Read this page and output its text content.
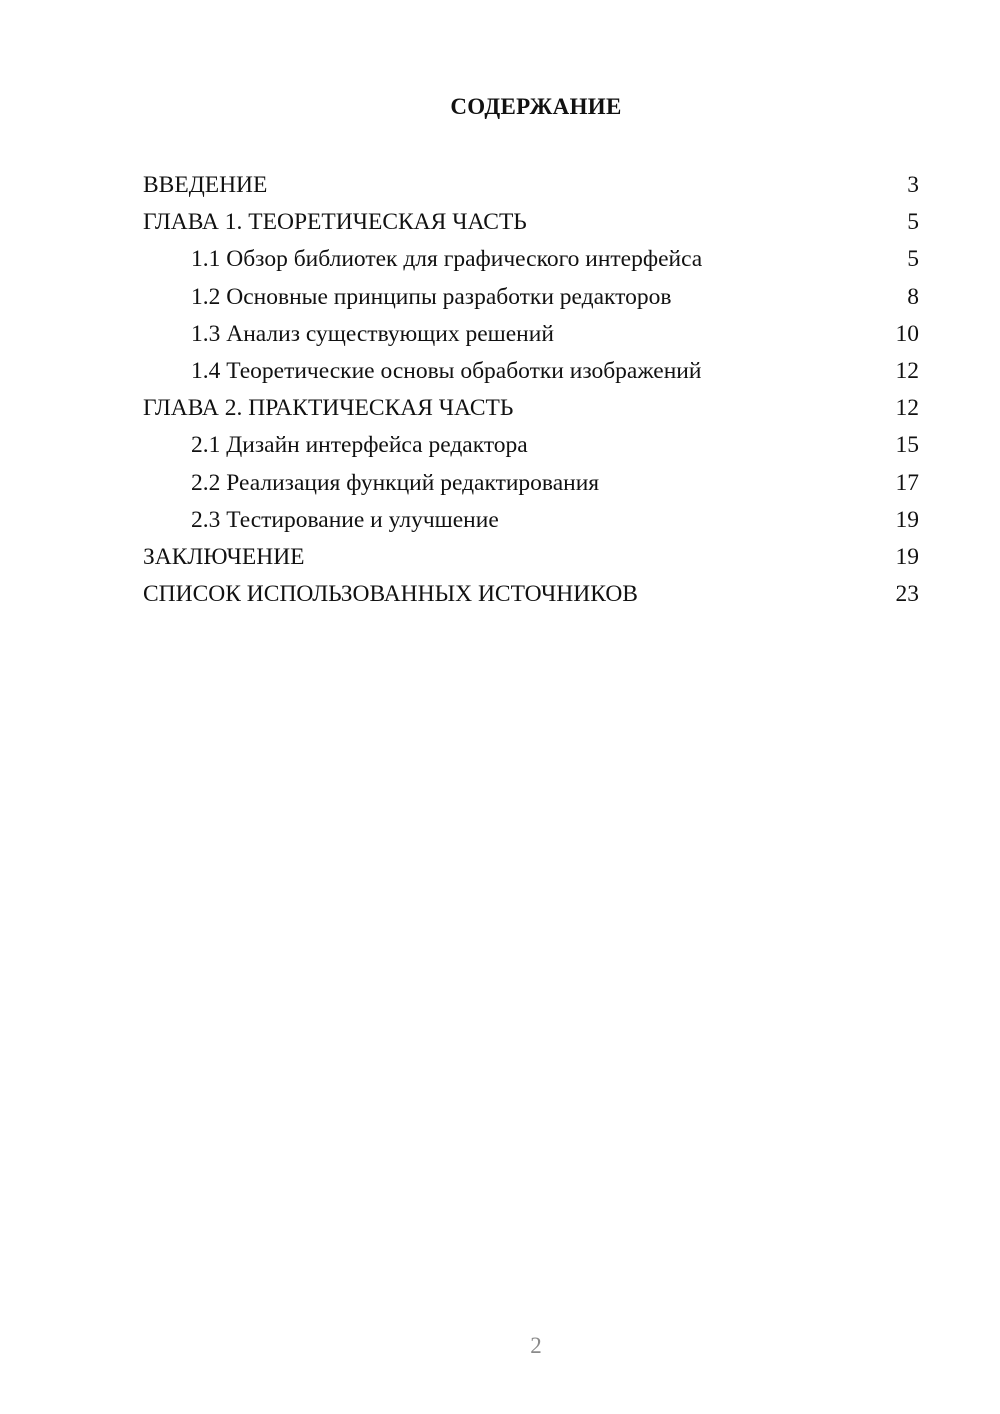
СОДЕРЖАНИЕ
ВВЕДЕНИЕ	3
ГЛАВА 1. ТЕОРЕТИЧЕСКАЯ ЧАСТЬ	5
1.1 Обзор библиотек для графического интерфейса	5
1.2 Основные принципы разработки редакторов	8
1.3 Анализ существующих решений	10
1.4 Теоретические основы обработки изображений	12
ГЛАВА 2. ПРАКТИЧЕСКАЯ ЧАСТЬ	12
2.1 Дизайн интерфейса редактора	15
2.2 Реализация функций редактирования	17
2.3 Тестирование и улучшение	19
ЗАКЛЮЧЕНИЕ	19
СПИСОК ИСПОЛЬЗОВАННЫХ ИСТОЧНИКОВ	23
2
